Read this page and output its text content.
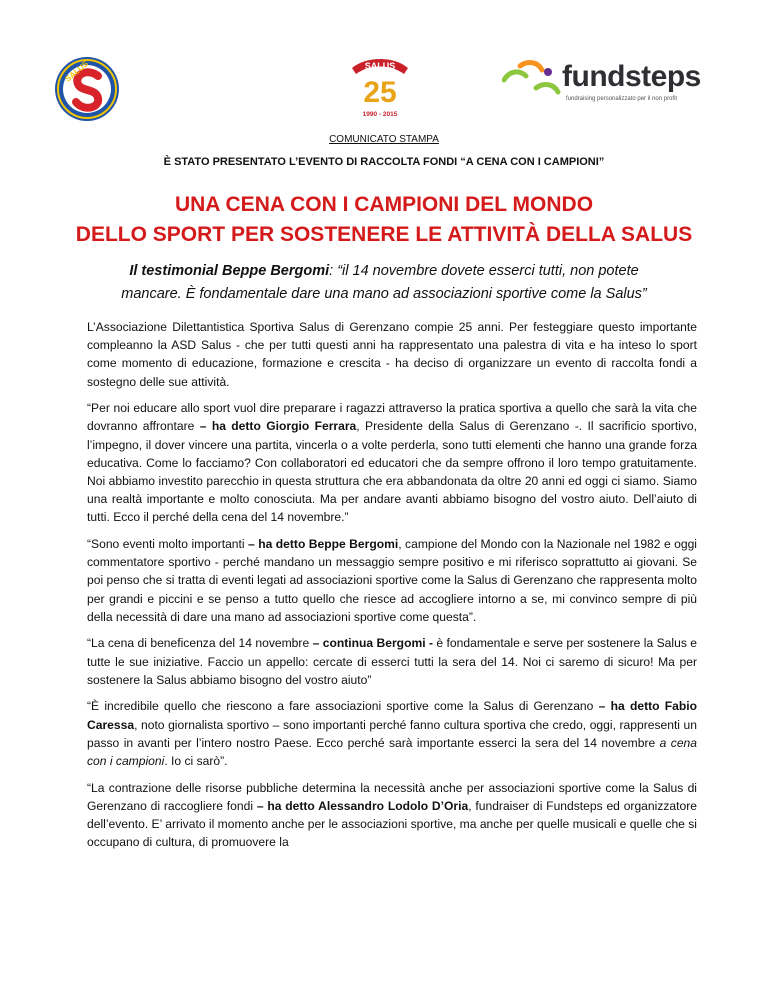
SALUS	SALUS
25
1990 - 2015
fundsteps
fundraising personalizzato per il non profit
COMUNICATO STAMPA
È STATO PRESENTATO L’EVENTO DI RACCOLTA FONDI “A CENA CON I CAMPIONI”
UNA CENA CON I CAMPIONI DEL MONDO
DELLO SPORT PER SOSTENERE LE ATTIVITÀ DELLA SALUS
Il testimonial Beppe Bergomi: “il 14 novembre dovete esserci tutti, non potete
mancare. È fondamentale dare una mano ad associazioni sportive come la Salus”

L’Associazione Dilettantistica Sportiva Salus di Gerenzano compie 25 anni. Per festeggiare questo importante compleanno la ASD Salus - che per tutti questi anni ha rappresentato una palestra di vita e ha inteso lo sport come momento di educazione, formazione e crescita - ha deciso di organizzare un evento di raccolta fondi a sostegno delle sue attività.

“Per noi educare allo sport vuol dire preparare i ragazzi attraverso la pratica sportiva a quello che sarà la vita che dovranno affrontare – ha detto Giorgio Ferrara, Presidente della Salus di Gerenzano -. Il sacrificio sportivo, l’impegno, il dover vincere una partita, vincerla o a volte perderla, sono tutti elementi che hanno una grande forza educativa. Come lo facciamo? Con collaboratori ed educatori che da sempre offrono il loro tempo gratuitamente. Noi abbiamo investito parecchio in questa struttura che era abbandonata da oltre 20 anni ed oggi ci siamo. Siamo una realtà importante e molto conosciuta. Ma per andare avanti abbiamo bisogno del vostro aiuto. Dell’aiuto di tutti. Ecco il perché della cena del 14 novembre.”

“Sono eventi molto importanti – ha detto Beppe Bergomi, campione del Mondo con la Nazionale nel 1982 e oggi commentatore sportivo - perché mandano un messaggio sempre positivo e mi riferisco soprattutto ai giovani. Se poi penso che si tratta di eventi legati ad associazioni sportive come la Salus di Gerenzano che rappresenta molto per grandi e piccini e se penso a tutto quello che riesce ad accogliere intorno a se, mi convinco sempre di più della necessità di dare una mano ad associazioni sportive come questa”.

“La cena di beneficenza del 14 novembre – continua Bergomi - è fondamentale e serve per sostenere la Salus e tutte le sue iniziative. Faccio un appello: cercate di esserci tutti la sera del 14. Noi ci saremo di sicuro! Ma per sostenere la Salus abbiamo bisogno del vostro aiuto”

“È incredibile quello che riescono a fare associazioni sportive come la Salus di Gerenzano – ha detto Fabio Caressa, noto giornalista sportivo – sono importanti perché fanno cultura sportiva che credo, oggi, rappresenti un passo in avanti per l’intero nostro Paese. Ecco perché sarà importante esserci la sera del 14 novembre a cena con i campioni. Io ci sarò”.

“La contrazione delle risorse pubbliche determina la necessità anche per associazioni sportive come la Salus di Gerenzano di raccogliere fondi – ha detto Alessandro Lodolo D’Oria, fundraiser di Fundsteps ed organizzatore dell’evento. E’ arrivato il momento anche per le associazioni sportive, ma anche per quelle musicali e quelle che si occupano di cultura, di promuovere la
